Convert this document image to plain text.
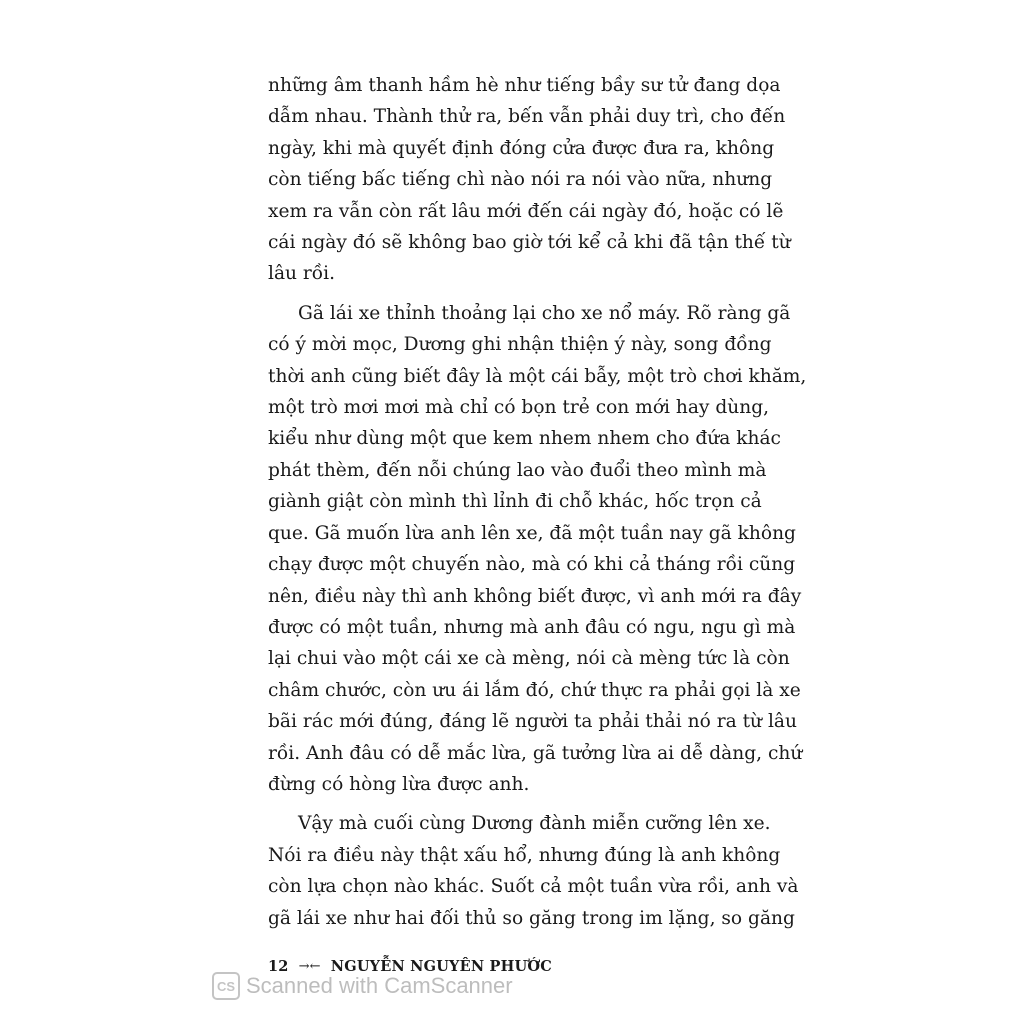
những âm thanh hầm hè như tiếng bầy sư tử đang dọa
dẫm nhau. Thành thử ra, bến vẫn phải duy trì, cho đến
ngày, khi mà quyết định đóng cửa được đưa ra, không
còn tiếng bấc tiếng chì nào nói ra nói vào nữa, nhưng
xem ra vẫn còn rất lâu mới đến cái ngày đó, hoặc có lẽ
cái ngày đó sẽ không bao giờ tới kể cả khi đã tận thế từ
lâu rồi.

Gã lái xe thỉnh thoảng lại cho xe nổ máy. Rõ ràng gã
có ý mời mọc, Dương ghi nhận thiện ý này, song đồng
thời anh cũng biết đây là một cái bẫy, một trò chơi khăm,
một trò mơi mơi mà chỉ có bọn trẻ con mới hay dùng,
kiểu như dùng một que kem nhem nhem cho đứa khác
phát thèm, đến nỗi chúng lao vào đuổi theo mình mà
giành giật còn mình thì lỉnh đi chỗ khác, hốc trọn cả
que. Gã muốn lừa anh lên xe, đã một tuần nay gã không
chạy được một chuyến nào, mà có khi cả tháng rồi cũng
nên, điều này thì anh không biết được, vì anh mới ra đây
được có một tuần, nhưng mà anh đâu có ngu, ngu gì mà
lại chui vào một cái xe cà mèng, nói cà mèng tức là còn
châm chước, còn ưu ái lắm đó, chứ thực ra phải gọi là xe
bãi rác mới đúng, đáng lẽ người ta phải thải nó ra từ lâu
rồi. Anh đâu có dễ mắc lừa, gã tưởng lừa ai dễ dàng, chứ
đừng có hòng lừa được anh.

Vậy mà cuối cùng Dương đành miễn cưỡng lên xe.
Nói ra điều này thật xấu hổ, nhưng đúng là anh không
còn lựa chọn nào khác. Suốt cả một tuần vừa rồi, anh và
gã lái xe như hai đối thủ so găng trong im lặng, so găng

12 →← NGUYỄN NGUYÊN PHƯỚC
CS Scanned with CamScanner
